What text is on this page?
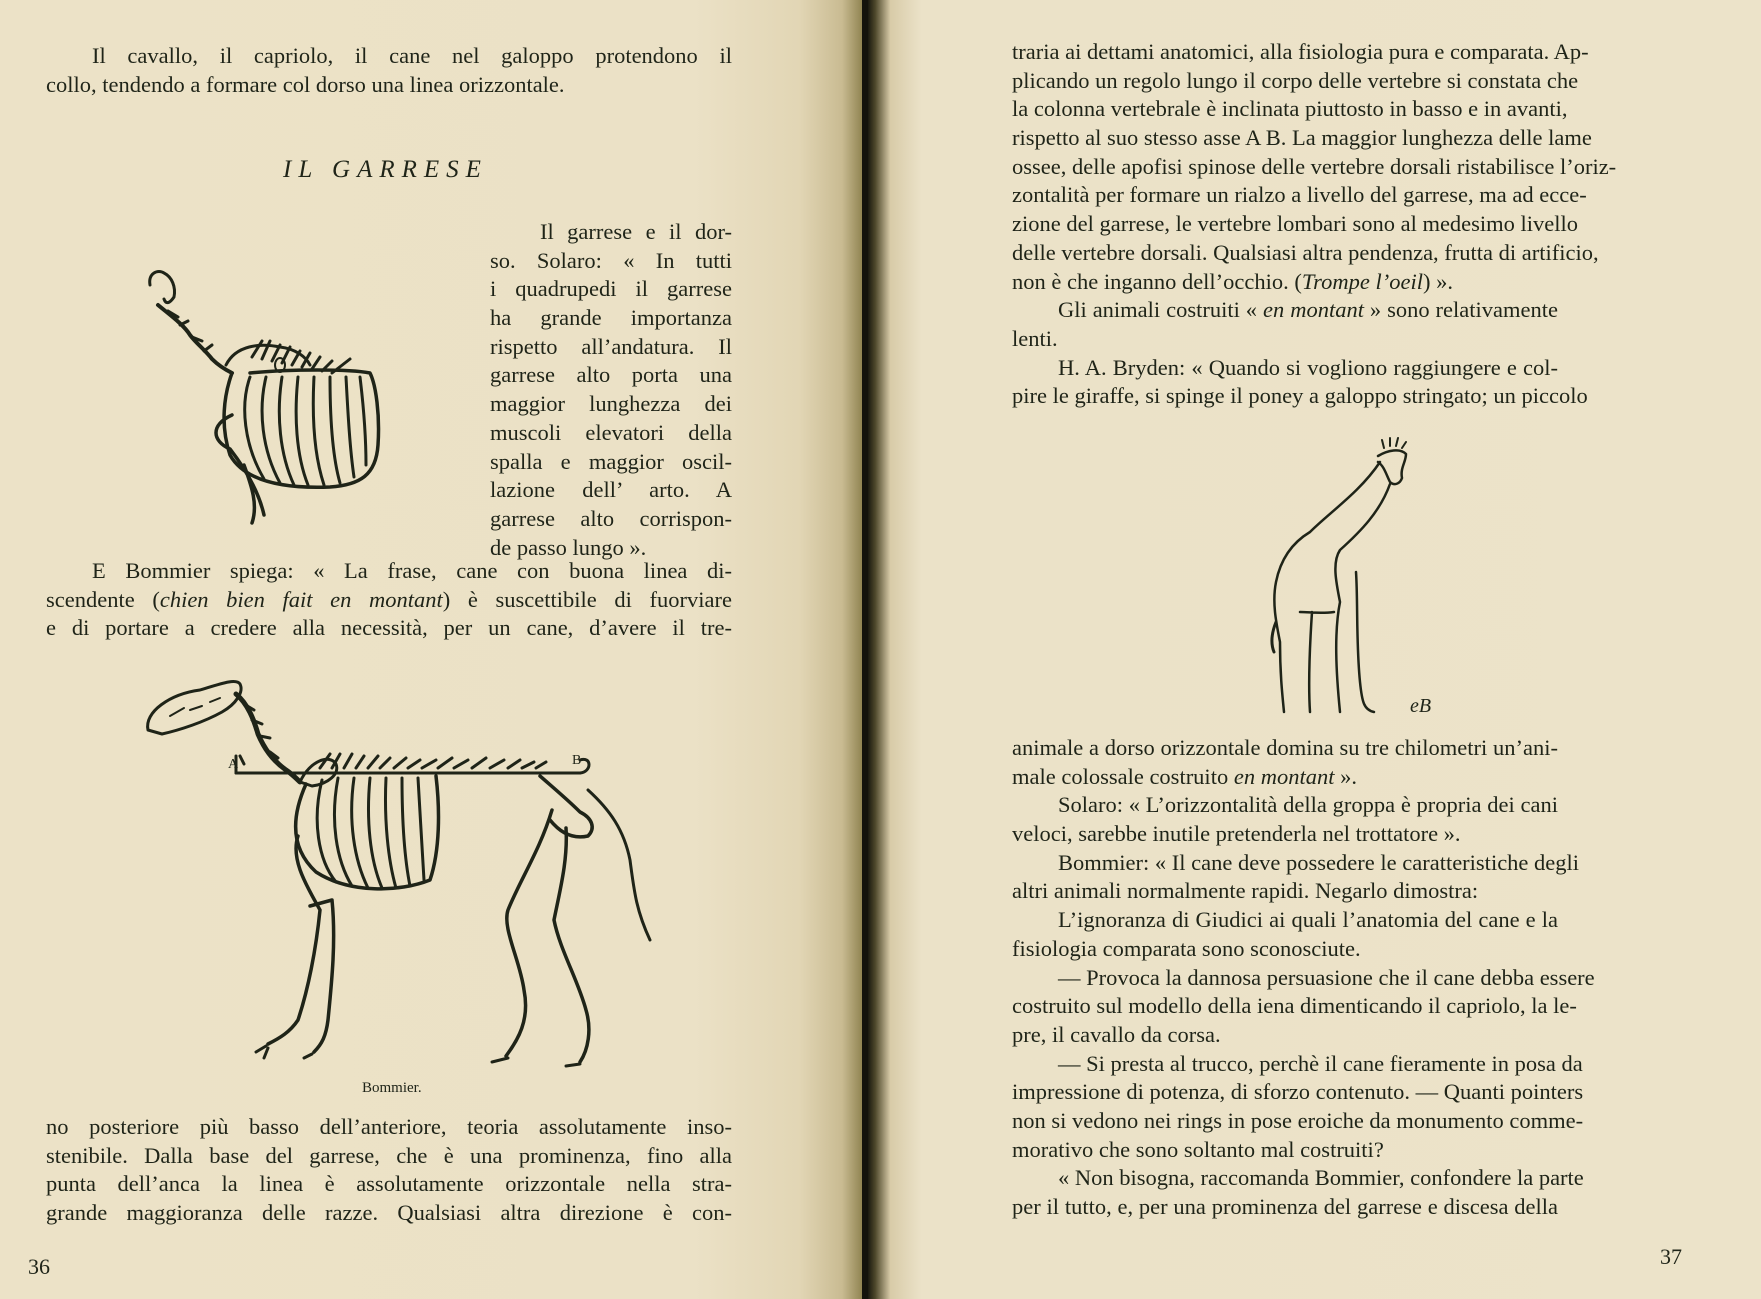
Il cavallo, il capriolo, il cane nel galoppo protendono il
collo, tendendo a formare col dorso una linea orizzontale.
IL GARRESE
Il garrese e il dor-
so. Solaro: « In tutti
i quadrupedi il garrese
ha grande importanza
rispetto all’andatura. Il
garrese alto porta una
maggior lunghezza dei
muscoli elevatori della
spalla e maggior oscil-
lazione dell’ arto. A
garrese alto corrispon-
de passo lungo ».
E Bommier spiega: « La frase, cane con buona linea di-
scendente (chien bien fait en montant) è suscettibile di fuorviare
e di portare a credere alla necessità, per un cane, d’avere il tre-
A	B
Bommier.
no posteriore più basso dell’anteriore, teoria assolutamente inso-
stenibile. Dalla base del garrese, che è una prominenza, fino alla
punta dell’anca la linea è assolutamente orizzontale nella stra-
grande maggioranza delle razze. Qualsiasi altra direzione è con-
36
traria ai dettami anatomici, alla fisiologia pura e comparata. Ap-
plicando un regolo lungo il corpo delle vertebre si constata che
la colonna vertebrale è inclinata piuttosto in basso e in avanti,
rispetto al suo stesso asse A B. La maggior lunghezza delle lame
ossee, delle apofisi spinose delle vertebre dorsali ristabilisce l’oriz-
zontalità per formare un rialzo a livello del garrese, ma ad ecce-
zione del garrese, le vertebre lombari sono al medesimo livello
delle vertebre dorsali. Qualsiasi altra pendenza, frutta di artificio,
non è che inganno dell’occhio. (Trompe l’oeil) ».
Gli animali costruiti « en montant » sono relativamente
lenti.
H. A. Bryden: « Quando si vogliono raggiungere e col-
pire le giraffe, si spinge il poney a galoppo stringato; un piccolo
eB
animale a dorso orizzontale domina su tre chilometri un’ani-
male colossale costruito en montant ».
Solaro: « L’orizzontalità della groppa è propria dei cani
veloci, sarebbe inutile pretenderla nel trottatore ».
Bommier: « Il cane deve possedere le caratteristiche degli
altri animali normalmente rapidi. Negarlo dimostra:
L’ignoranza di Giudici ai quali l’anatomia del cane e la
fisiologia comparata sono sconosciute.
— Provoca la dannosa persuasione che il cane debba essere
costruito sul modello della iena dimenticando il capriolo, la le-
pre, il cavallo da corsa.
— Si presta al trucco, perchè il cane fieramente in posa da
impressione di potenza, di sforzo contenuto. — Quanti pointers
non si vedono nei rings in pose eroiche da monumento comme-
morativo che sono soltanto mal costruiti?
« Non bisogna, raccomanda Bommier, confondere la parte
per il tutto, e, per una prominenza del garrese e discesa della
37
